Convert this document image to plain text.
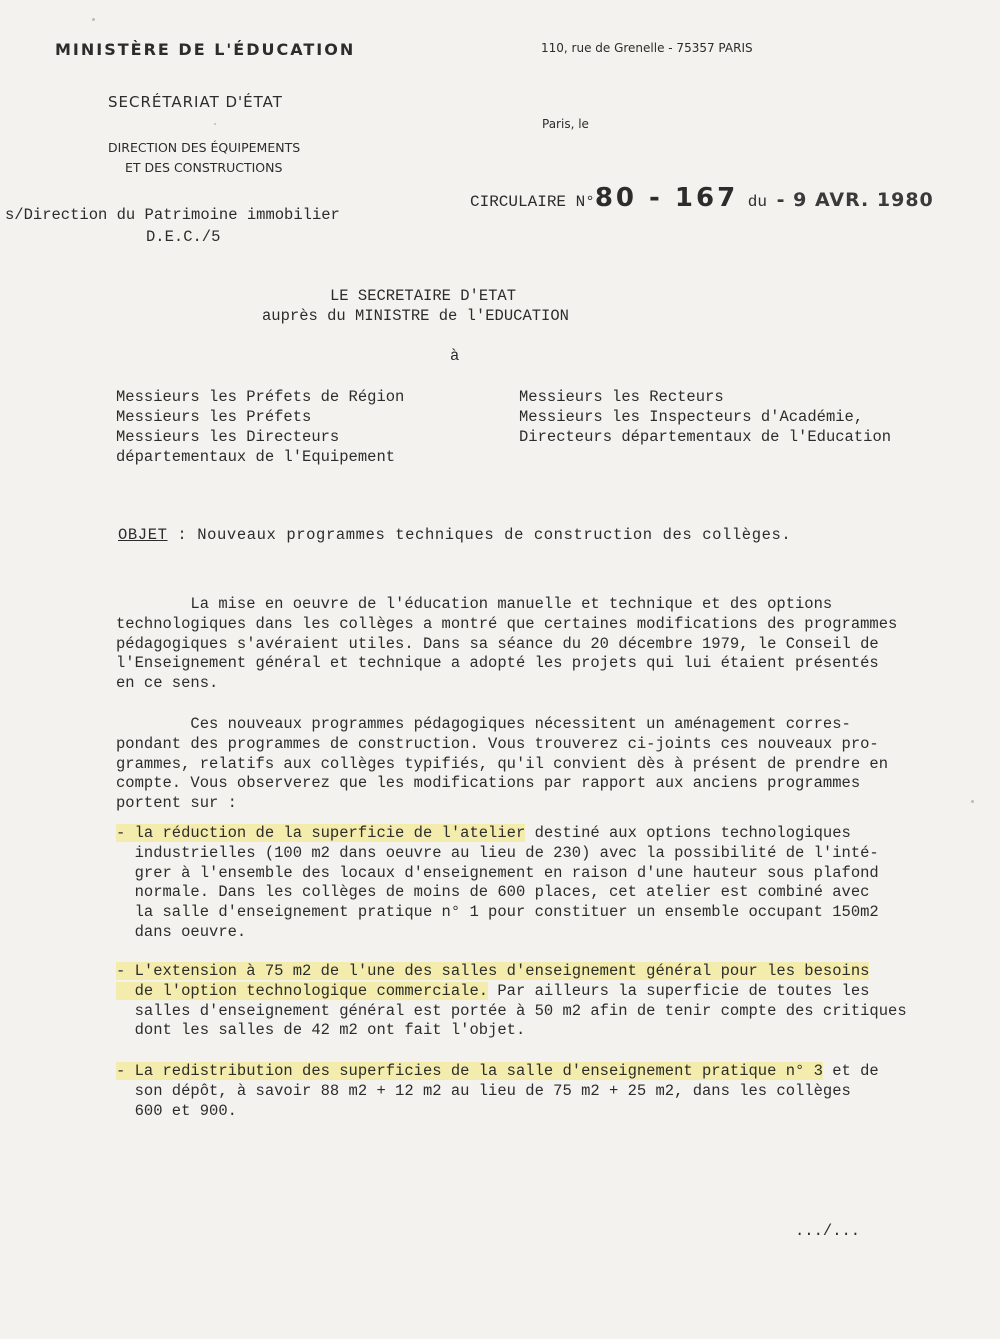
MINISTÈRE DE L'ÉDUCATION	110, rue de Grenelle - 75357 PARIS
SECRÉTARIAT D'ÉTAT
Paris, le
DIRECTION DES ÉQUIPEMENTS
ET DES CONSTRUCTIONS
CIRCULAIRE N°80 - 167 du - 9 AVR. 1980
s/Direction du Patrimoine immobilier
D.E.C./5
LE SECRETAIRE D'ETAT
auprès du MINISTRE de l'EDUCATION
à
Messieurs les Préfets de Région
Messieurs les Préfets
Messieurs les Directeurs
départementaux de l'Equipement
Messieurs les Recteurs
Messieurs les Inspecteurs d'Académie,
Directeurs départementaux de l'Education
OBJET : Nouveaux programmes techniques de construction des collèges.
La mise en oeuvre de l'éducation manuelle et technique et des options
technologiques dans les collèges a montré que certaines modifications des programmes
pédagogiques s'avéraient utiles. Dans sa séance du 20 décembre 1979, le Conseil de
l'Enseignement général et technique a adopté les projets qui lui étaient présentés
en ce sens.
Ces nouveaux programmes pédagogiques nécessitent un aménagement corres-
pondant des programmes de construction. Vous trouverez ci-joints ces nouveaux pro-
grammes, relatifs aux collèges typifiés, qu'il convient dès à présent de prendre en
compte. Vous observerez que les modifications par rapport aux anciens programmes
portent sur :
- la réduction de la superficie de l'atelier destiné aux options technologiques
industrielles (100 m2 dans oeuvre au lieu de 230) avec la possibilité de l'inté-
grer à l'ensemble des locaux d'enseignement en raison d'une hauteur sous plafond
normale. Dans les collèges de moins de 600 places, cet atelier est combiné avec
la salle d'enseignement pratique n° 1 pour constituer un ensemble occupant 150m2
dans oeuvre.
- L'extension à 75 m2 de l'une des salles d'enseignement général pour les besoins
de l'option technologique commerciale. Par ailleurs la superficie de toutes les
salles d'enseignement général est portée à 50 m2 afin de tenir compte des critiques
dont les salles de 42 m2 ont fait l'objet.
- La redistribution des superficies de la salle d'enseignement pratique n° 3 et de
son dépôt, à savoir 88 m2 + 12 m2 au lieu de 75 m2 + 25 m2, dans les collèges
600 et 900.
.../...
